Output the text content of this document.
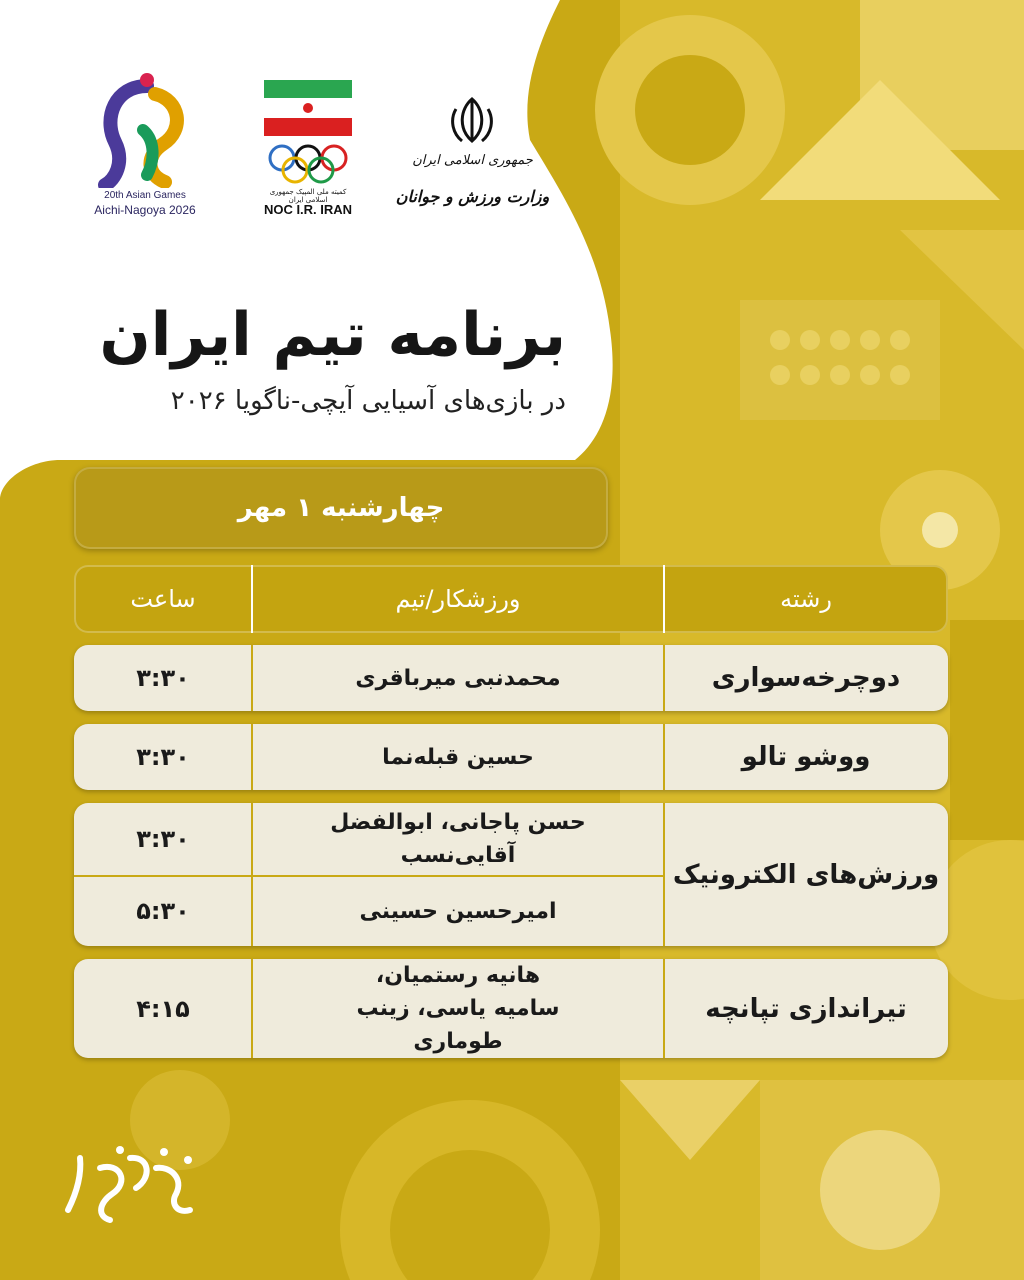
20th Asian Games
Aichi-Nagoya 2026
کمیته ملی المپیک جمهوری اسلامی ایران
NOC I.R. IRAN
جمهوری اسلامی ایران
وزارت ورزش و جوانان
برنامه تیم ایران
در بازی‌های آسیایی آیچی-ناگویا ۲۰۲۶
چهارشنبه ۱ مهر
رشته
ورزشکار/تیم
ساعت
دوچرخه‌سواری
محمدنبی میرباقری
۳:۳۰
ووشو تالو
حسین قبله‌نما
۳:۳۰
ورزش‌های الکترونیک
حسن پاجانی، ابوالفضل آقایی‌نسب
۳:۳۰
امیرحسین حسینی
۵:۳۰
تیراندازی تپانچه
هانیه رستمیان، سامیه یاسی، زینب طوماری
۴:۱۵
